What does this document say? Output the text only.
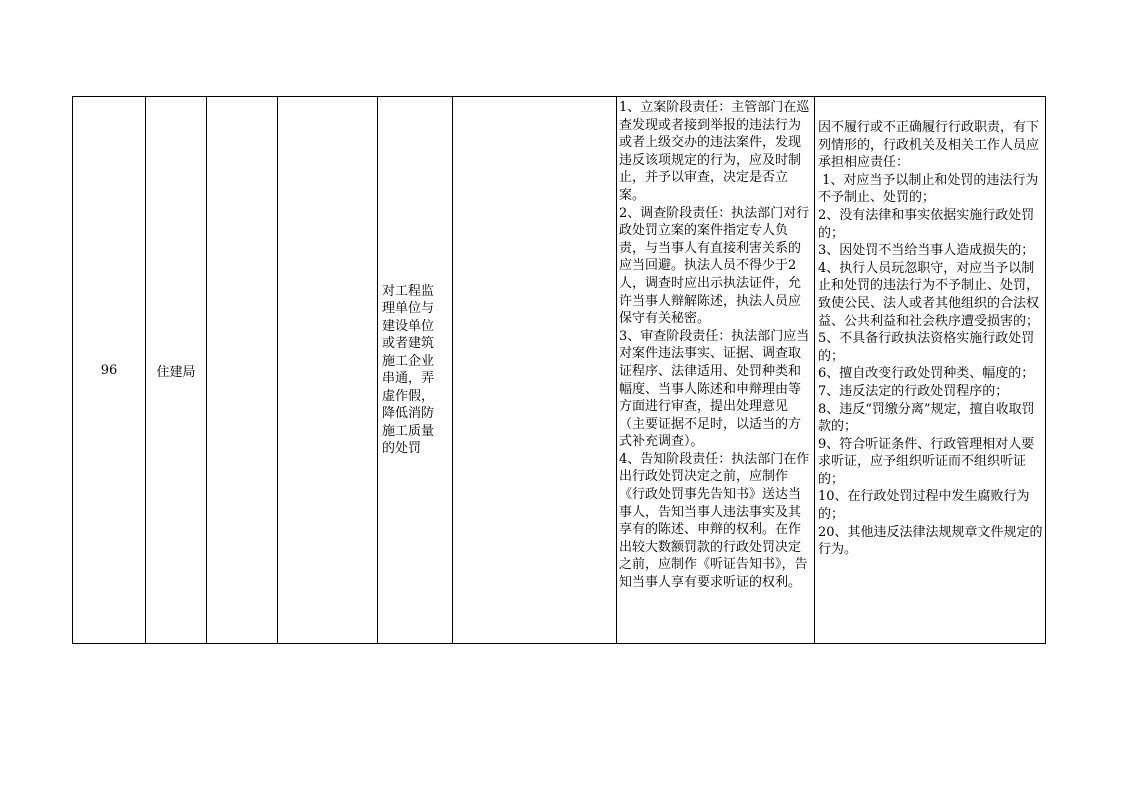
96	住建局
对工程监理单位与建设单位或者建筑施工企业串通，弄虚作假，降低消防施工质量的处罚
1、立案阶段责任：主管部门在巡查发现或者接到举报的违法行为或者上级交办的违法案件，发现违反该项规定的行为，应及时制止，并予以审查，决定是否立案。
2、调查阶段责任：执法部门对行政处罚立案的案件指定专人负责，与当事人有直接利害关系的应当回避。执法人员不得少于2人，调查时应出示执法证件，允许当事人辩解陈述，执法人员应保守有关秘密。
3、审查阶段责任：执法部门应当对案件违法事实、证据、调查取证程序、法律适用、处罚种类和幅度、当事人陈述和申辩理由等方面进行审查，提出处理意见（主要证据不足时，以适当的方式补充调查）。
4、告知阶段责任：执法部门在作出行政处罚决定之前，应制作《行政处罚事先告知书》送达当事人，告知当事人违法事实及其享有的陈述、申辩的权利。在作出较大数额罚款的行政处罚决定之前，应制作《听证告知书》，告知当事人享有要求听证的权利。
因不履行或不正确履行行政职责，有下列情形的，行政机关及相关工作人员应承担相应责任：
1、对应当予以制止和处罚的违法行为不予制止、处罚的；
2、没有法律和事实依据实施行政处罚的；
3、因处罚不当给当事人造成损失的；
4、执行人员玩忽职守，对应当予以制止和处罚的违法行为不予制止、处罚，致使公民、法人或者其他组织的合法权益、公共利益和社会秩序遭受损害的；
5、不具备行政执法资格实施行政处罚的；
6、擅自改变行政处罚种类、幅度的；
7、违反法定的行政处罚程序的；
8、违反“罚缴分离”规定，擅自收取罚款的；
9、符合听证条件、行政管理相对人要求听证，应予组织听证而不组织听证的；
10、在行政处罚过程中发生腐败行为的；
20、其他违反法律法规规章文件规定的行为。
